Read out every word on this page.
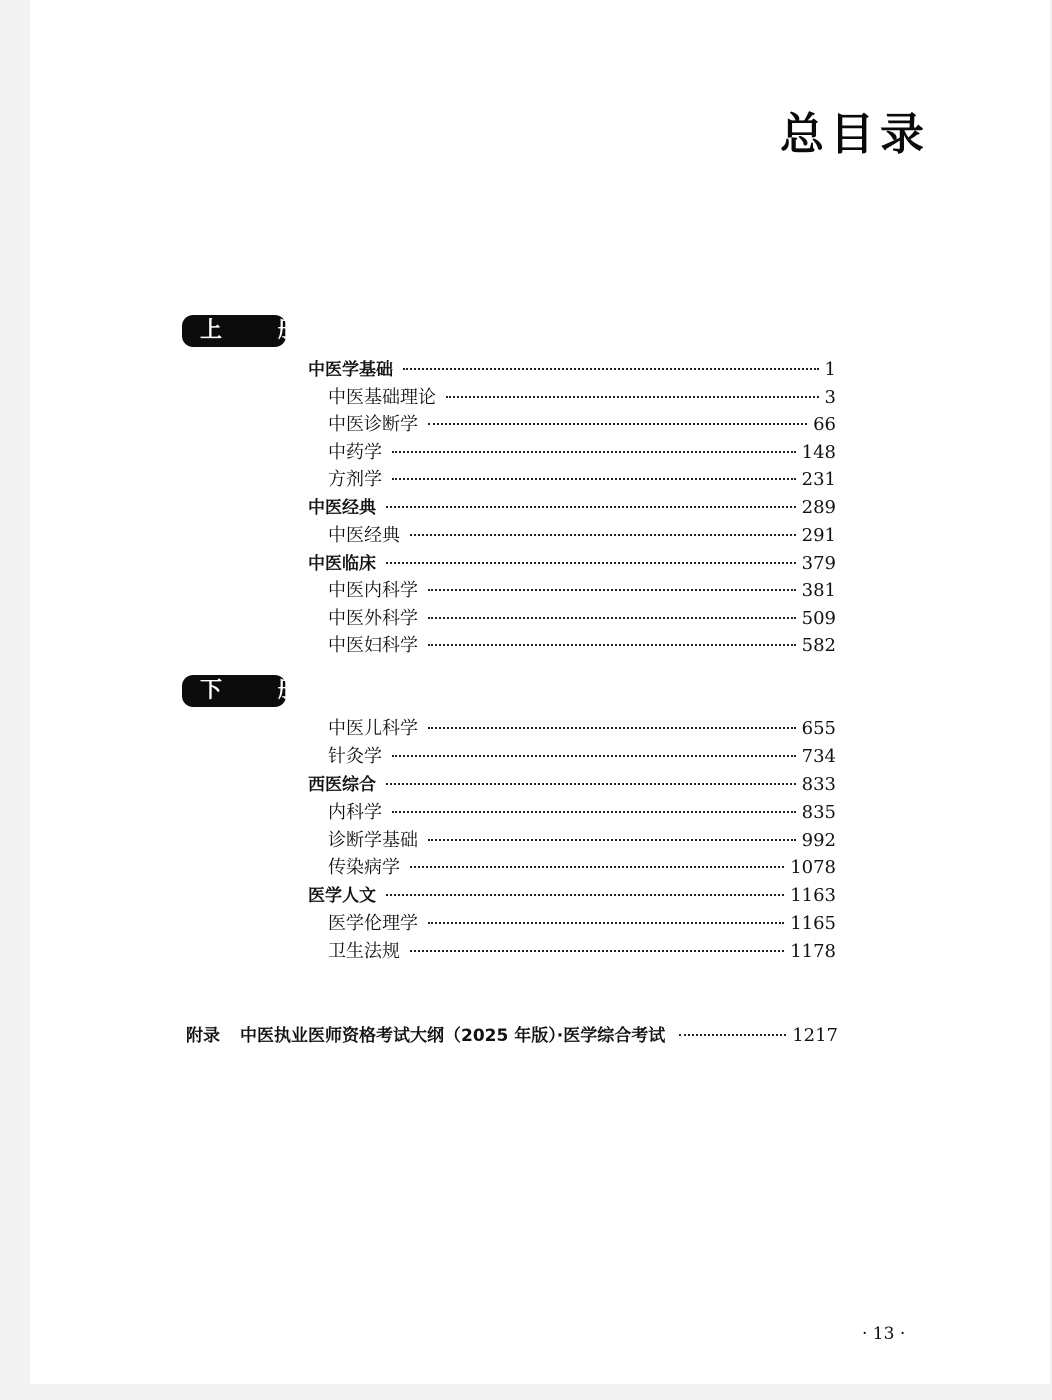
总目录
上 册
中医学基础	1
中医基础理论	3
中医诊断学	66
中药学	148
方剂学	231
中医经典	289
中医经典	291
中医临床	379
中医内科学	381
中医外科学	509
中医妇科学	582
下 册
中医儿科学	655
针灸学	734
西医综合	833
内科学	835
诊断学基础	992
传染病学	1078
医学人文	1163
医学伦理学	1165
卫生法规	1178
附录 中医执业医师资格考试大纲（2025 年版）·医学综合考试	1217
· 13 ·
